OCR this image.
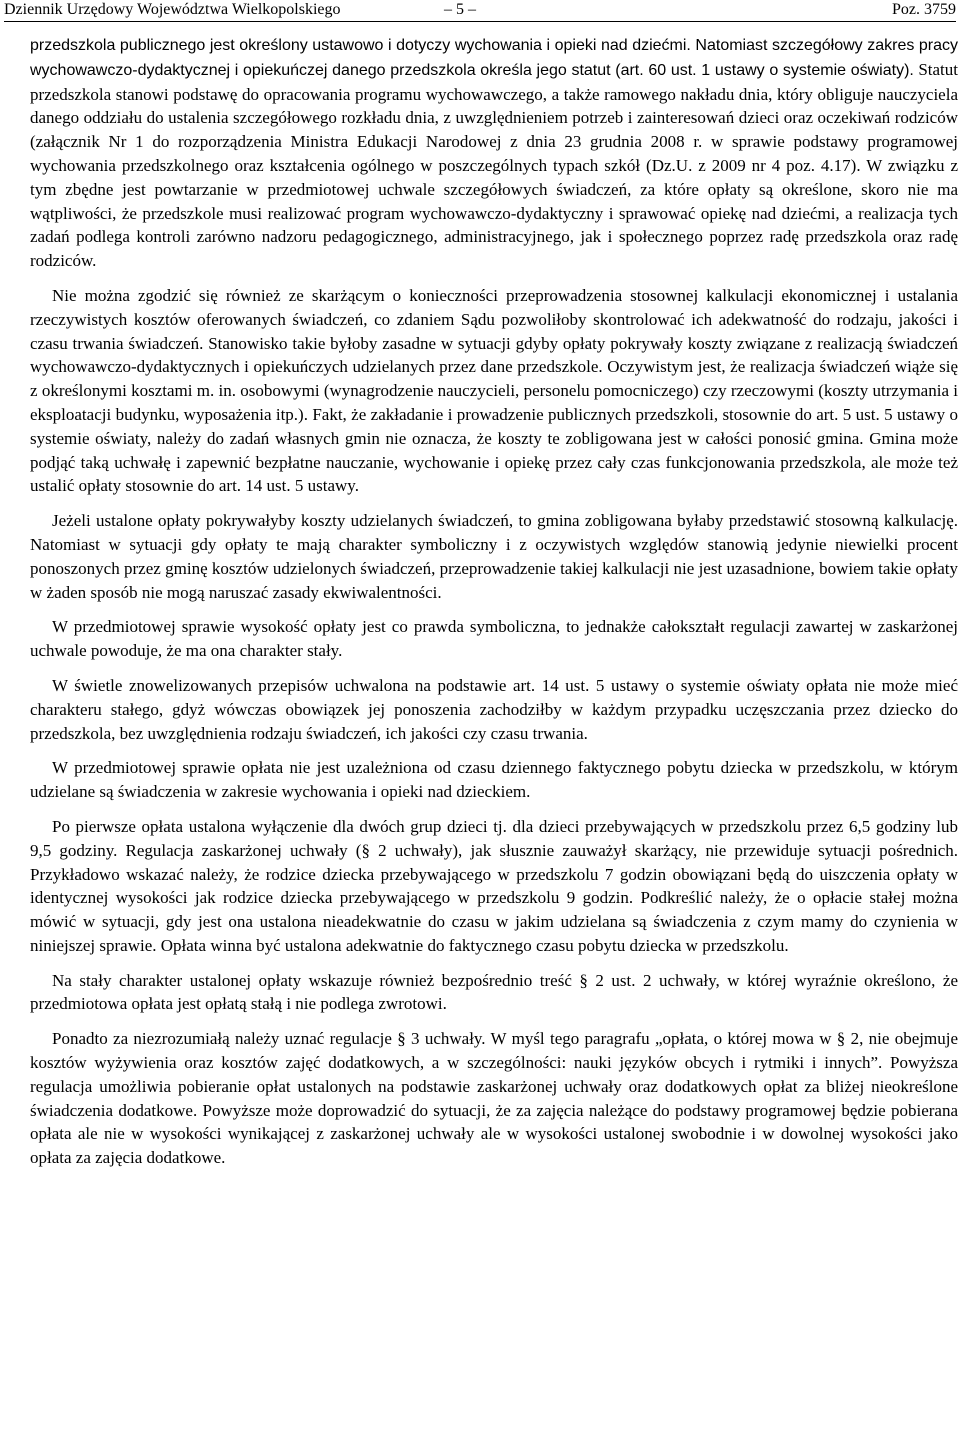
Dziennik Urzędowy Województwa Wielkopolskiego	– 5 –	Poz. 3759

przedszkola publicznego jest określony ustawowo i dotyczy wychowania i opieki nad dziećmi. Natomiast szczegółowy zakres pracy wychowawczo-dydaktycznej i opiekuńczej danego przedszkola określa jego statut (art. 60 ust. 1 ustawy o systemie oświaty). Statut przedszkola stanowi podstawę do opracowania programu wychowawczego, a także ramowego nakładu dnia, który obliguje nauczyciela danego oddziału do ustalenia szczegółowego rozkładu dnia, z uwzględnieniem potrzeb i zainteresowań dzieci oraz oczekiwań rodziców (załącznik Nr 1 do rozporządzenia Ministra Edukacji Narodowej z dnia 23 grudnia 2008 r. w sprawie podstawy programowej wychowania przedszkolnego oraz kształcenia ogólnego w poszczególnych typach szkół (Dz.U. z 2009 nr 4 poz. 4.17). W związku z tym zbędne jest powtarzanie w przedmiotowej uchwale szczegółowych świadczeń, za które opłaty są określone, skoro nie ma wątpliwości, że przedszkole musi realizować program wychowawczo-dydaktyczny i sprawować opiekę nad dziećmi, a realizacja tych zadań podlega kontroli zarówno nadzoru pedagogicznego, administracyjnego, jak i społecznego poprzez radę przedszkola oraz radę rodziców.

Nie można zgodzić się również ze skarżącym o konieczności przeprowadzenia stosownej kalkulacji ekonomicznej i ustalania rzeczywistych kosztów oferowanych świadczeń, co zdaniem Sądu pozwoliłoby skontrolować ich adekwatność do rodzaju, jakości i czasu trwania świadczeń. Stanowisko takie byłoby zasadne w sytuacji gdyby opłaty pokrywały koszty związane z realizacją świadczeń wychowawczo-dydaktycznych i opiekuńczych udzielanych przez dane przedszkole. Oczywistym jest, że realizacja świadczeń wiąże się z określonymi kosztami m. in. osobowymi (wynagrodzenie nauczycieli, personelu pomocniczego) czy rzeczowymi (koszty utrzymania i eksploatacji budynku, wyposażenia itp.). Fakt, że zakładanie i prowadzenie publicznych przedszkoli, stosownie do art. 5 ust. 5 ustawy o systemie oświaty, należy do zadań własnych gmin nie oznacza, że koszty te zobligowana jest w całości ponosić gmina. Gmina może podjąć taką uchwałę i zapewnić bezpłatne nauczanie, wychowanie i opiekę przez cały czas funkcjonowania przedszkola, ale może też ustalić opłaty stosownie do art. 14 ust. 5 ustawy.

Jeżeli ustalone opłaty pokrywałyby koszty udzielanych świadczeń, to gmina zobligowana byłaby przedstawić stosowną kalkulację. Natomiast w sytuacji gdy opłaty te mają charakter symboliczny i z oczywistych względów stanowią jedynie niewielki procent ponoszonych przez gminę kosztów udzielonych świadczeń, przeprowadzenie takiej kalkulacji nie jest uzasadnione, bowiem takie opłaty w żaden sposób nie mogą naruszać zasady ekwiwalentności.

W przedmiotowej sprawie wysokość opłaty jest co prawda symboliczna, to jednakże całokształt regulacji zawartej w zaskarżonej uchwale powoduje, że ma ona charakter stały.

W świetle znowelizowanych przepisów uchwalona na podstawie art. 14 ust. 5 ustawy o systemie oświaty opłata nie może mieć charakteru stałego, gdyż wówczas obowiązek jej ponoszenia zachodziłby w każdym przypadku uczęszczania przez dziecko do przedszkola, bez uwzględnienia rodzaju świadczeń, ich jakości czy czasu trwania.

W przedmiotowej sprawie opłata nie jest uzależniona od czasu dziennego faktycznego pobytu dziecka w przedszkolu, w którym udzielane są świadczenia w zakresie wychowania i opieki nad dzieckiem.

Po pierwsze opłata ustalona wyłączenie dla dwóch grup dzieci tj. dla dzieci przebywających w przedszkolu przez 6,5 godziny lub 9,5 godziny. Regulacja zaskarżonej uchwały (§ 2 uchwały), jak słusznie zauważył skarżący, nie przewiduje sytuacji pośrednich. Przykładowo wskazać należy, że rodzice dziecka przebywającego w przedszkolu 7 godzin obowiązani będą do uiszczenia opłaty w identycznej wysokości jak rodzice dziecka przebywającego w przedszkolu 9 godzin. Podkreślić należy, że o opłacie stałej można mówić w sytuacji, gdy jest ona ustalona nieadekwatnie do czasu w jakim udzielana są świadczenia z czym mamy do czynienia w niniejszej sprawie. Opłata winna być ustalona adekwatnie do faktycznego czasu pobytu dziecka w przedszkolu.

Na stały charakter ustalonej opłaty wskazuje również bezpośrednio treść § 2 ust. 2 uchwały, w której wyraźnie określono, że przedmiotowa opłata jest opłatą stałą i nie podlega zwrotowi.

Ponadto za niezrozumiałą należy uznać regulacje § 3 uchwały. W myśl tego paragrafu „opłata, o której mowa w § 2, nie obejmuje kosztów wyżywienia oraz kosztów zajęć dodatkowych, a w szczególności: nauki języków obcych i rytmiki i innych”. Powyższa regulacja umożliwia pobieranie opłat ustalonych na podstawie zaskarżonej uchwały oraz dodatkowych opłat za bliżej nieokreślone świadczenia dodatkowe. Powyższe może doprowadzić do sytuacji, że za zajęcia należące do podstawy programowej będzie pobierana opłata ale nie w wysokości wynikającej z zaskarżonej uchwały ale w wysokości ustalonej swobodnie i w dowolnej wysokości jako opłata za zajęcia dodatkowe.
